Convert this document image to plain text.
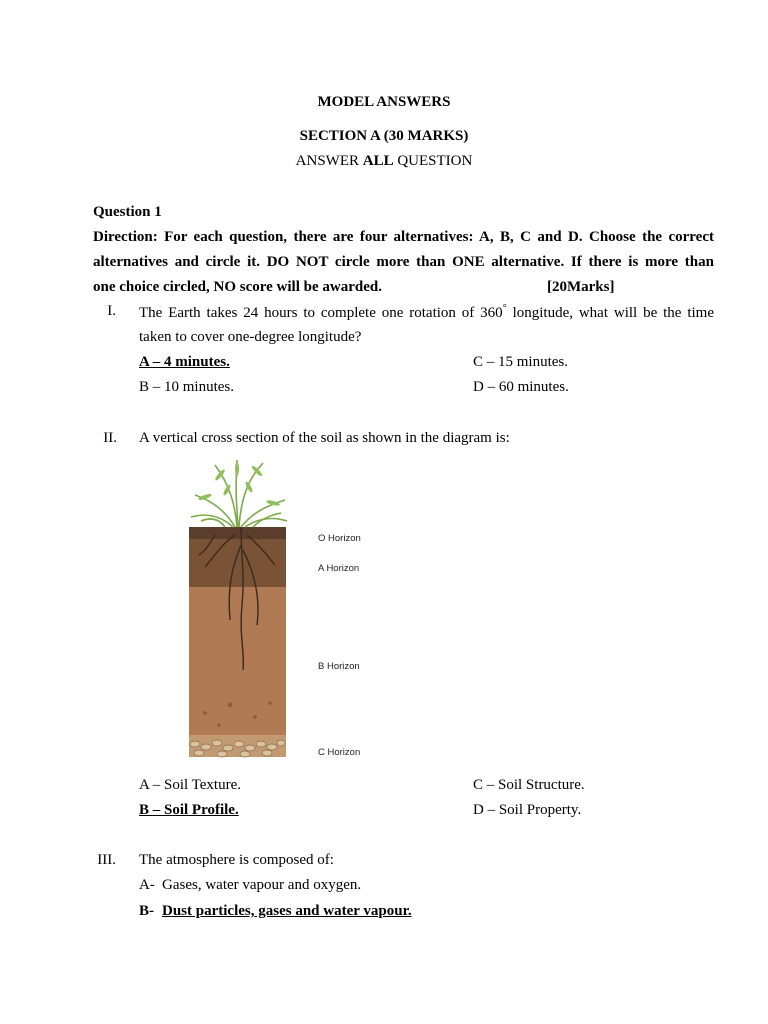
MODEL ANSWERS
SECTION A (30 MARKS)
ANSWER ALL QUESTION
Question 1
Direction: For each question, there are four alternatives: A, B, C and D. Choose the correct
alternatives and circle it. DO NOT circle more than ONE alternative. If there is more than
one choice circled, NO score will be awarded.	[20Marks]
I. The Earth takes 24 hours to complete one rotation of 360° longitude, what will be the time
taken to cover one-degree longitude?
A – 4 minutes.	C – 15 minutes.
B – 10 minutes.	D – 60 minutes.
II. A vertical cross section of the soil as shown in the diagram is:
O Horizon
A Horizon
B Horizon
C Horizon
A – Soil Texture.	C – Soil Structure.
B – Soil Profile.	D – Soil Property.
III. The atmosphere is composed of:
A- Gases, water vapour and oxygen.
B- Dust particles, gases and water vapour.
